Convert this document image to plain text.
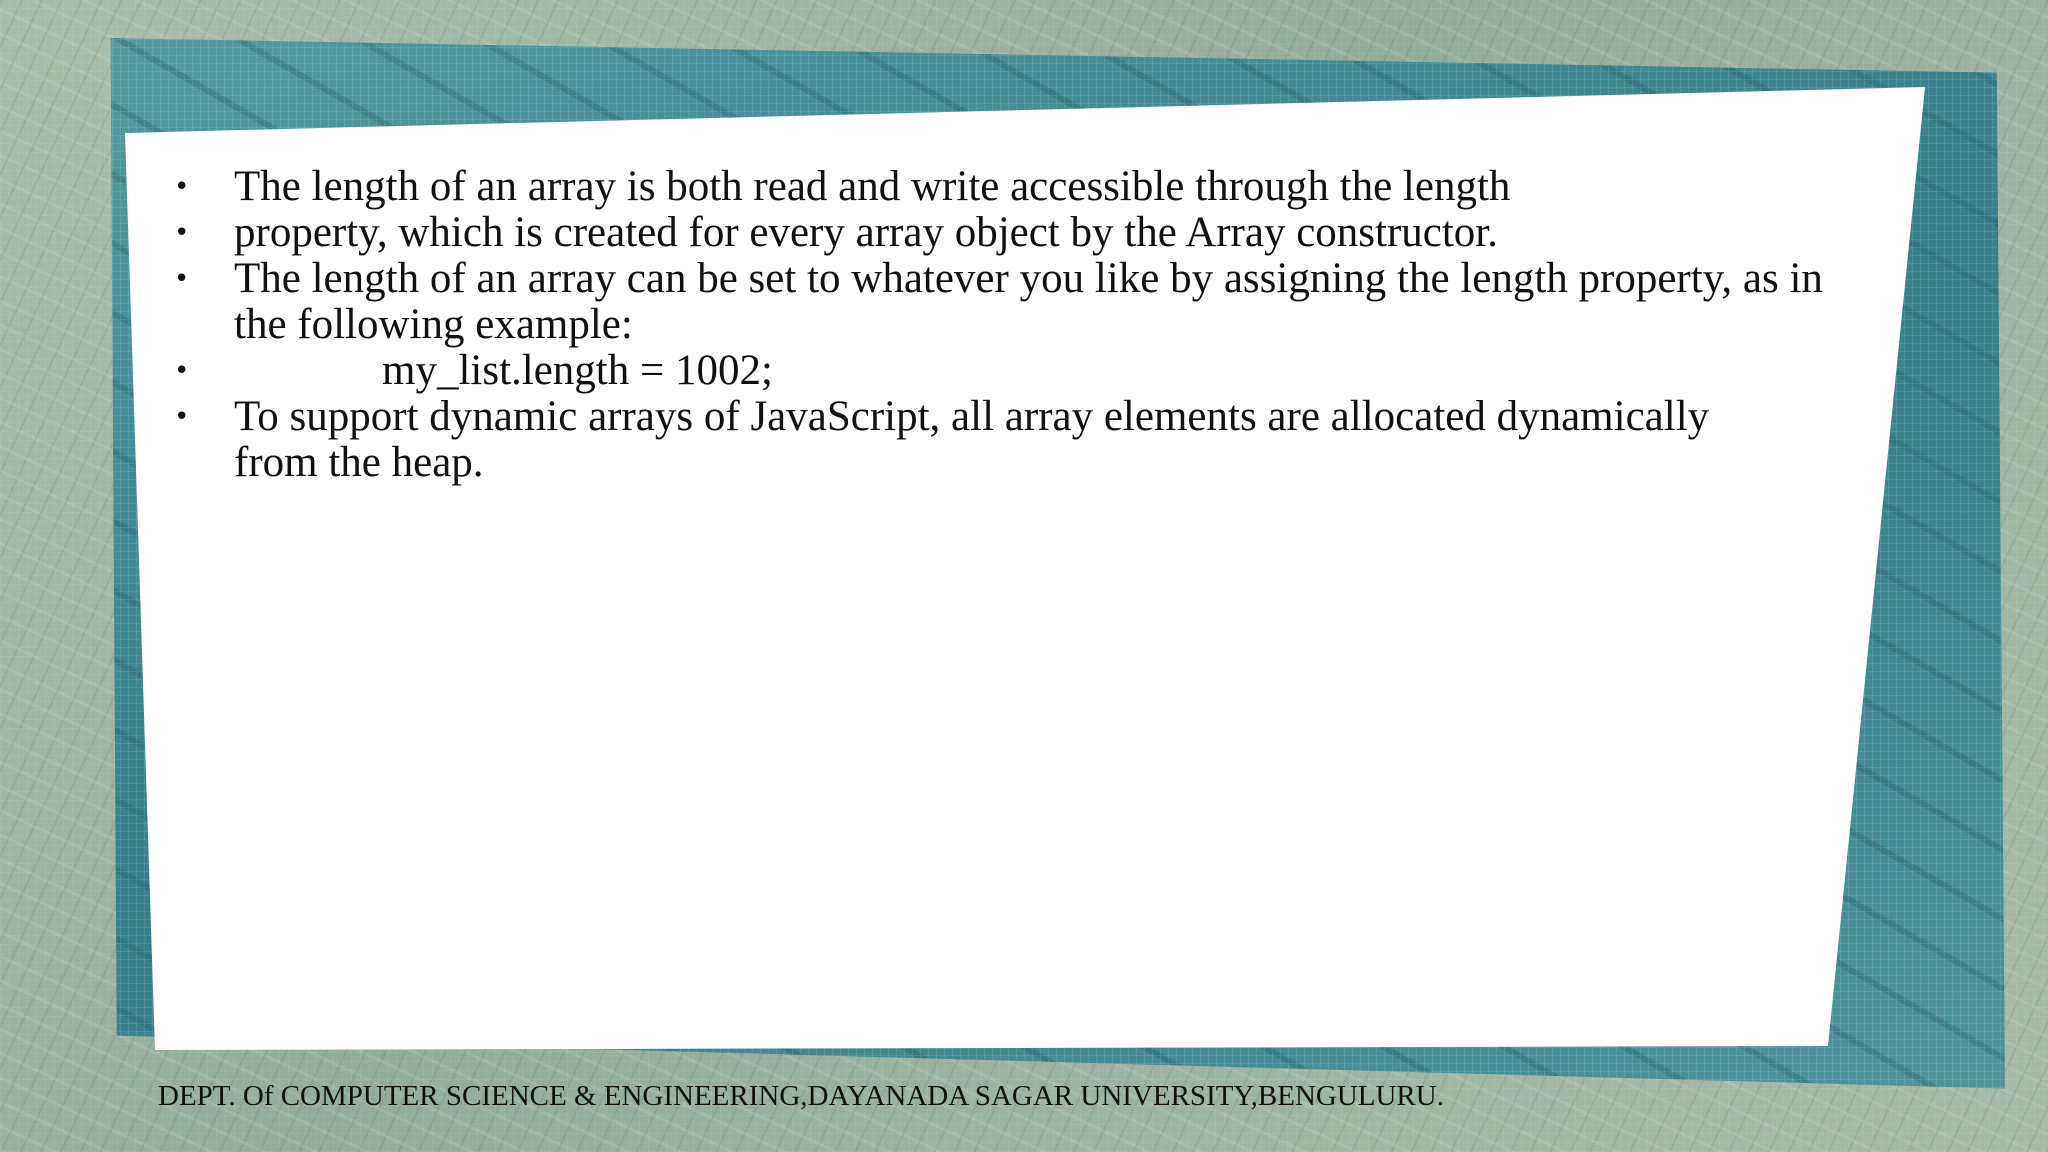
• The length of an array is both read and write accessible through the length
• property, which is created for every array object by the Array constructor.
• The length of an array can be set to whatever you like by assigning the length property, as in the following example:
•	my_list.length = 1002;
• To support dynamic arrays of JavaScript, all array elements are allocated dynamically from the heap.
DEPT. Of COMPUTER SCIENCE & ENGINEERING,DAYANADA SAGAR UNIVERSITY,BENGULURU.
